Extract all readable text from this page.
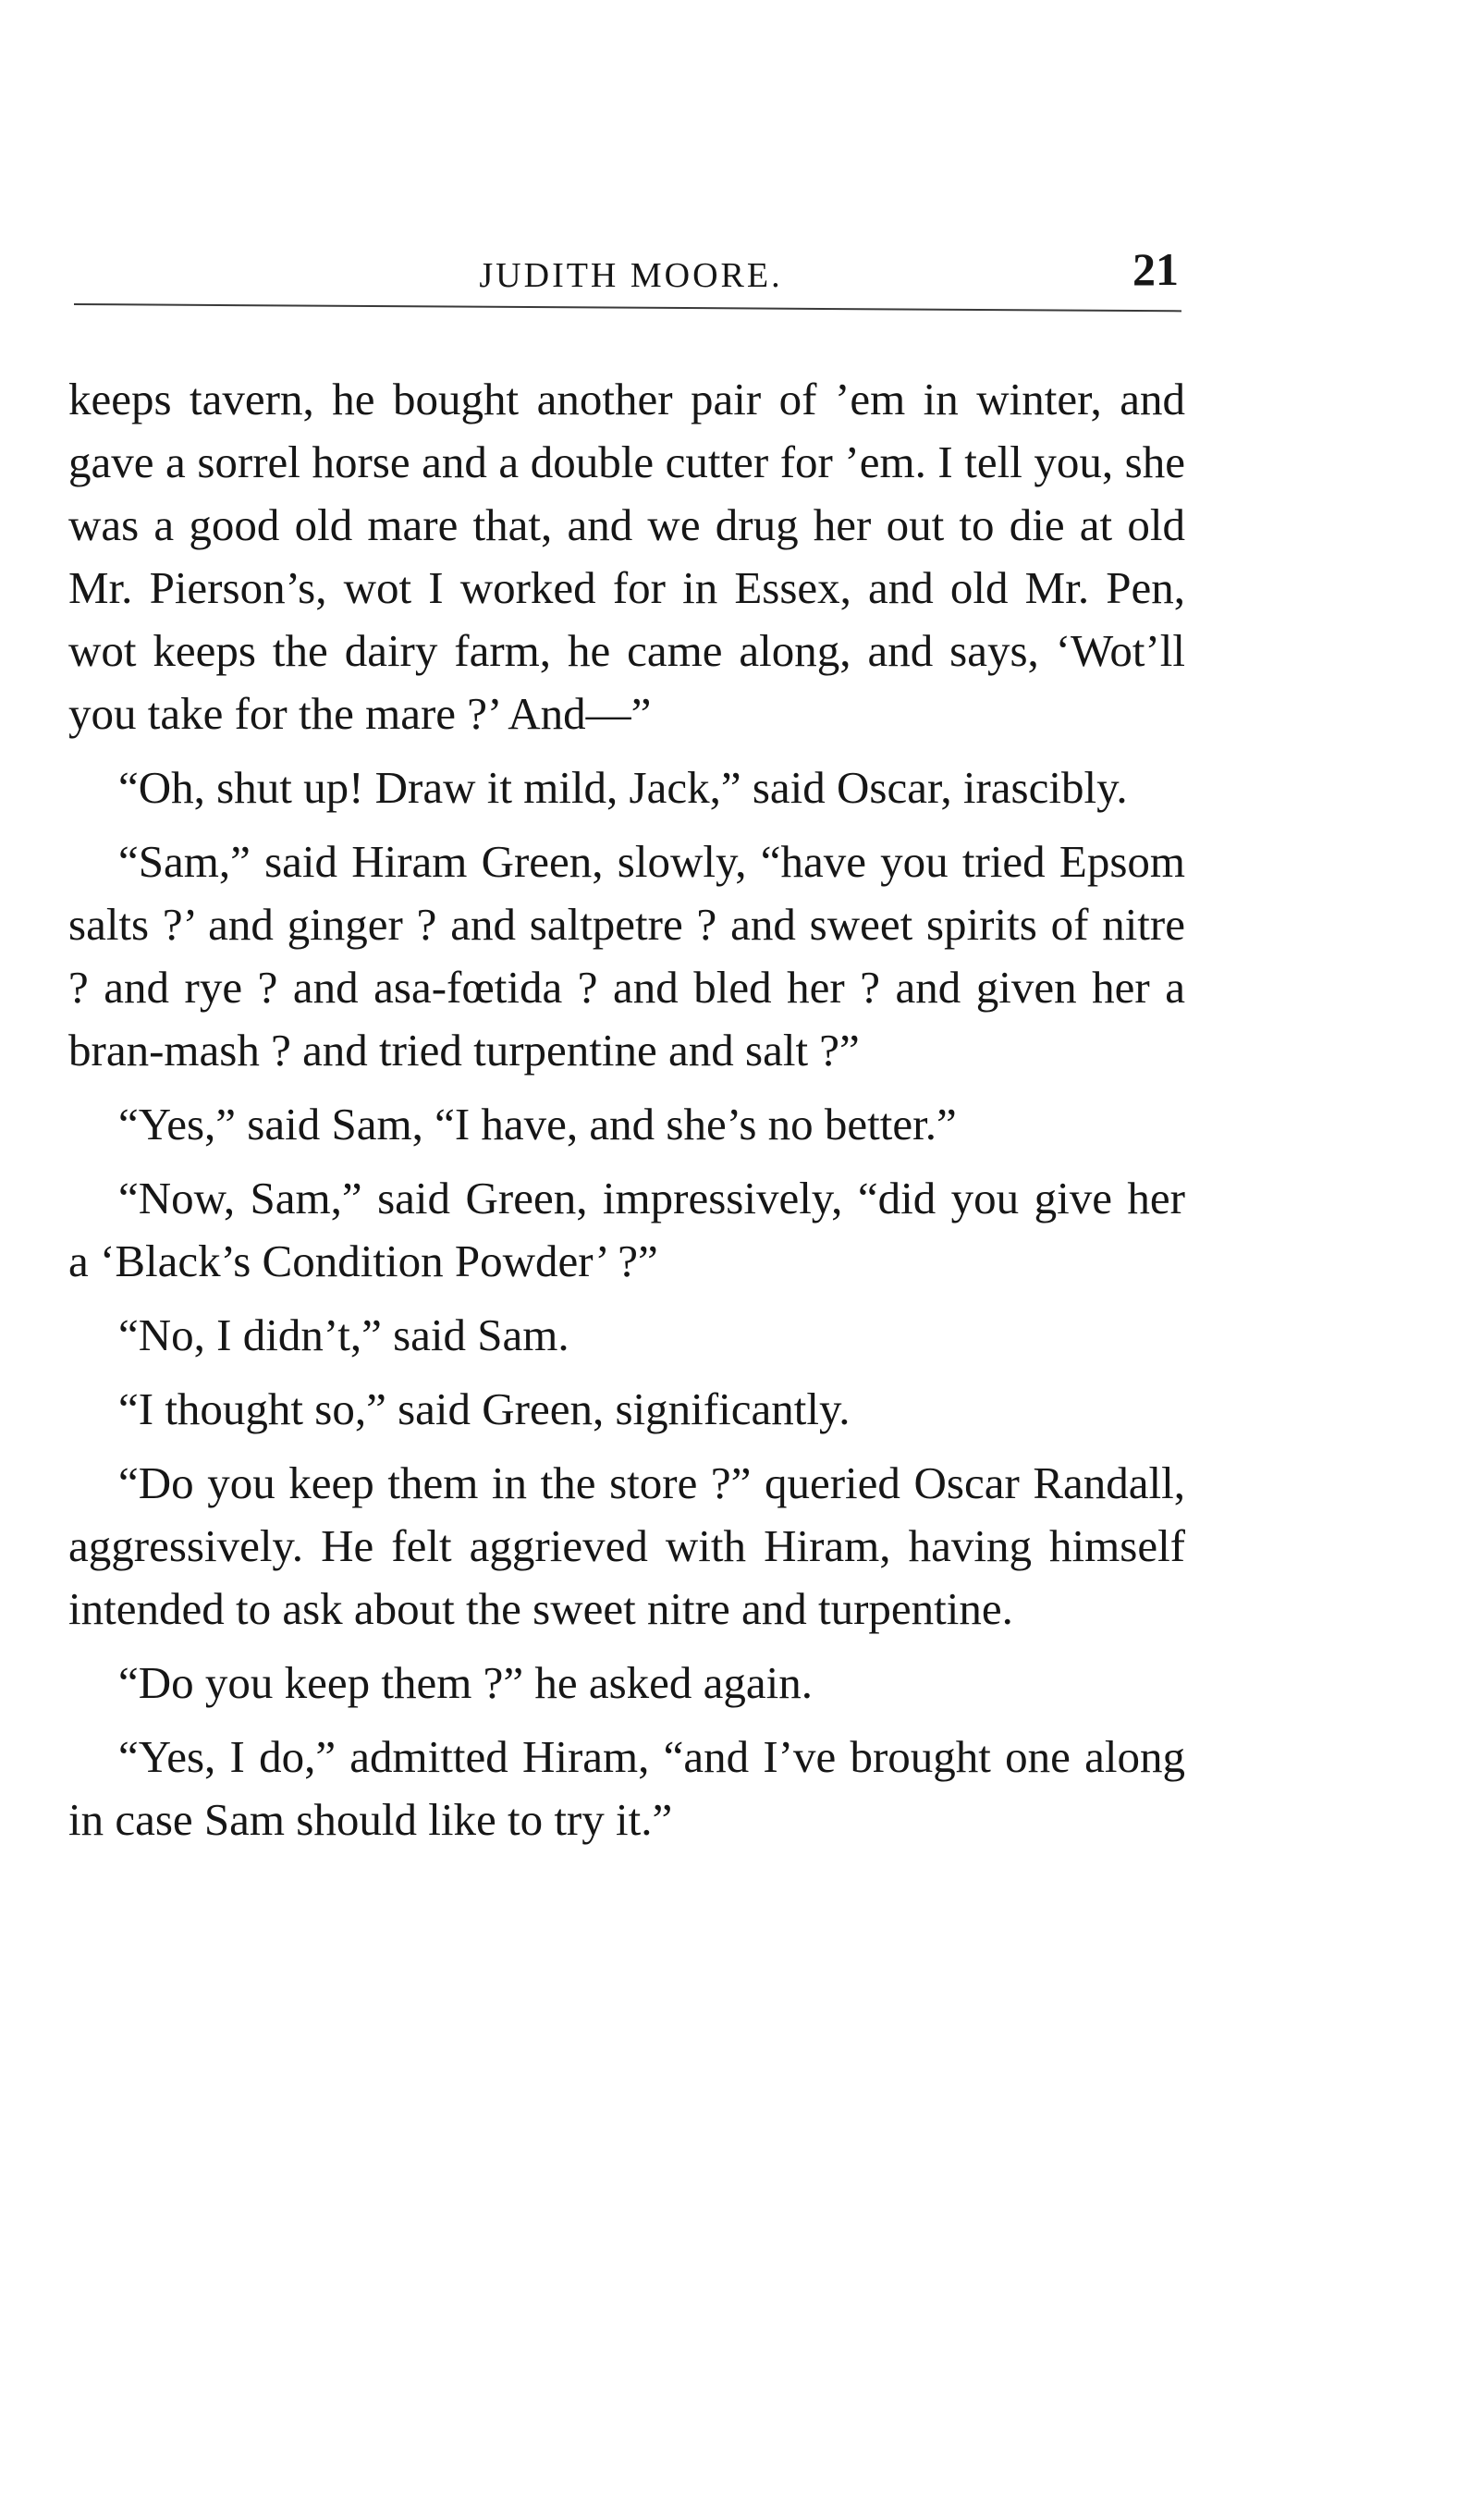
JUDITH MOORE.	21

keeps tavern, he bought another pair of ’em in winter, and gave a sorrel horse and a double cutter for ’em. I tell you, she was a good old mare that, and we drug her out to die at old Mr. Pierson’s, wot I worked for in Essex, and old Mr. Pen, wot keeps the dairy farm, he came along, and says, ‘Wot’ll you take for the mare ?’ And—”

“Oh, shut up! Draw it mild, Jack,” said Oscar, irascibly.

“Sam,” said Hiram Green, slowly, “have you tried Epsom salts ?’ and ginger ? and saltpetre ? and sweet spirits of nitre ? and rye ? and asa-fœtida ? and bled her ? and given her a bran-mash ? and tried turpentine and salt ?”

“Yes,” said Sam, “I have, and she’s no better.”

“Now, Sam,” said Green, impressively, “did you give her a ‘Black’s Condition Powder’ ?”

“No, I didn’t,” said Sam.

“I thought so,” said Green, significantly.

“Do you keep them in the store ?” queried Oscar Randall, aggressively. He felt aggrieved with Hiram, having himself intended to ask about the sweet nitre and turpentine.

“Do you keep them ?” he asked again.

“Yes, I do,” admitted Hiram, “and I’ve brought one along in case Sam should like to try it.”
